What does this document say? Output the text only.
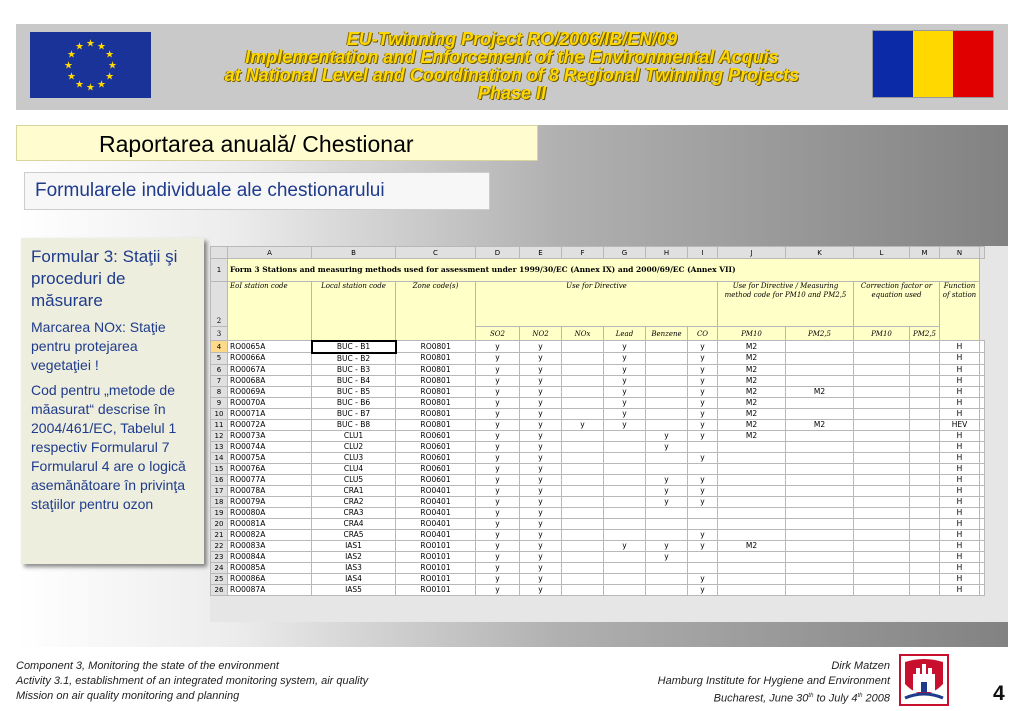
★ ★
★
★
★
★
★
★
★
★
★
★	EU-Twinning Project RO/2006/IB/EN/09
Implementation and Enforcement of the Environmental Acquis
at National Level and Coordination of 8 Regional Twinning Projects
Phase II
Raportarea anuală/ Chestionar
Formularele individuale ale chestionarului
Formular 3: Staţii şi proceduri de măsurare
Marcarea NOx: Staţie pentru protejarea vegetaţiei !
Cod pentru „metode de măasurat“ descrise în 2004/461/EC, Tabelul 1 respectiv Formularul 7 Formularul 4 are o logică asemănătoare în privinţa staţiilor pentru ozon
	A	B	C	D	E	F	G	H	I	J	K	L	M	N	
1	Form 3 Stations and measuring methods used for assessment under 1999/30/EC (Annex IX) and 2000/69/EC (Annex VII)														
2	EoI station code	Local station code	Zone code(s)	Use for Directive						Use for Directive / Measuring method code for PM10 and PM2,5		Correction factor or equation used		Function of station	
3				SO2	NO2	NOx	Lead	Benzene	CO	PM10	PM2,5	PM10	PM2,5		
4	RO0065A	BUC - B1	RO0801	y	y		y		y	M2				H	
5	RO0066A	BUC - B2	RO0801	y	y		y		y	M2				H	
6	RO0067A	BUC - B3	RO0801	y	y		y		y	M2				H	
7	RO0068A	BUC - B4	RO0801	y	y		y		y	M2				H	
8	RO0069A	BUC - B5	RO0801	y	y		y		y	M2	M2			H	
9	RO0070A	BUC - B6	RO0801	y	y		y		y	M2				H	
10	RO0071A	BUC - B7	RO0801	y	y		y		y	M2				H	
11	RO0072A	BUC - B8	RO0801	y	y	y	y		y	M2	M2			HEV	
12	RO0073A	CLU1	RO0601	y	y			y	y	M2				H	
13	RO0074A	CLU2	RO0601	y	y			y						H	
14	RO0075A	CLU3	RO0601	y	y				y					H	
15	RO0076A	CLU4	RO0601	y	y									H	
16	RO0077A	CLU5	RO0601	y	y			y	y					H	
17	RO0078A	CRA1	RO0401	y	y			y	y					H	
18	RO0079A	CRA2	RO0401	y	y			y	y					H	
19	RO0080A	CRA3	RO0401	y	y									H	
20	RO0081A	CRA4	RO0401	y	y									H	
21	RO0082A	CRA5	RO0401	y	y				y					H	
22	RO0083A	IAS1	RO0101	y	y		y	y	y	M2				H	
23	RO0084A	IAS2	RO0101	y	y			y						H	
24	RO0085A	IAS3	RO0101	y	y									H	
25	RO0086A	IAS4	RO0101	y	y				y					H	
26	RO0087A	IAS5	RO0101	y	y				y					H	
Component 3, Monitoring the state of the environment
Activity 3.1, establishment of an integrated monitoring system, air quality
Mission on air quality monitoring and planning
Dirk Matzen
Hamburg Institute for Hygiene and Environment
Bucharest, June 30th to July 4th 2008	4
